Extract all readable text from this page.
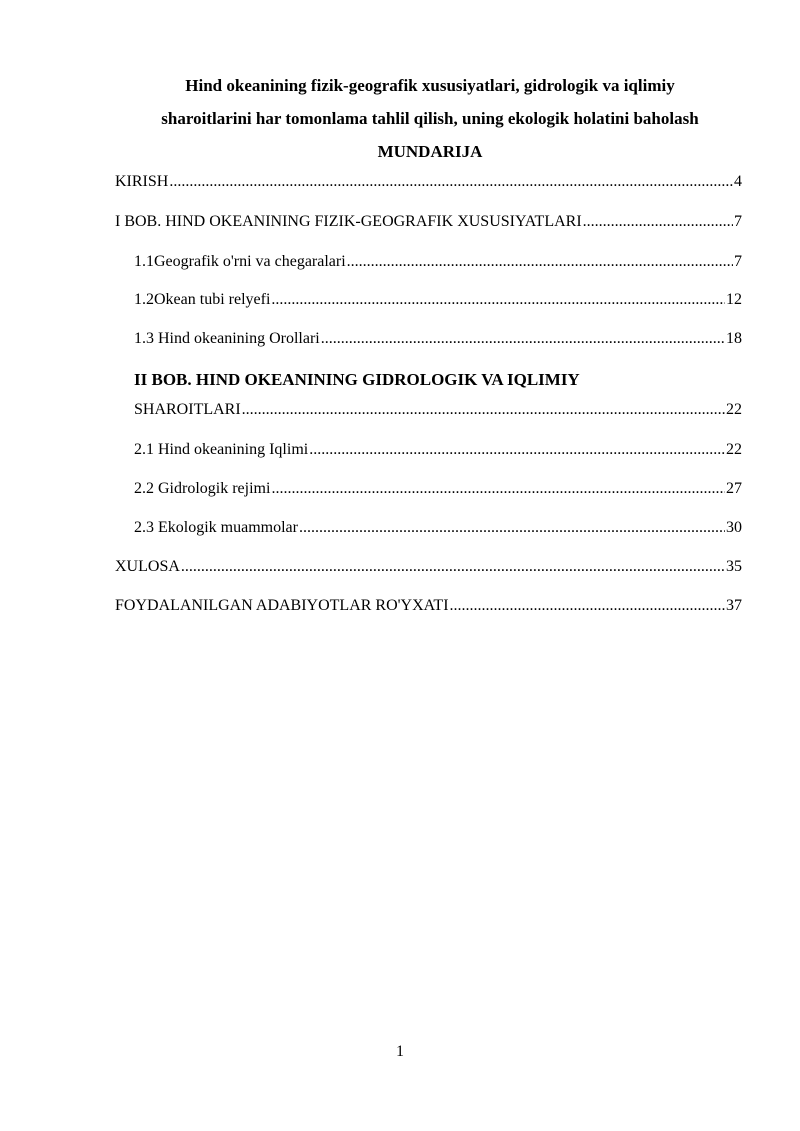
Hind okeanining fizik-geografik xususiyatlari, gidrologik va iqlimiy

sharoitlarini har tomonlama tahlil qilish, uning ekologik holatini baholash

MUNDARIJA

KIRISH .....	4
I BOB. HIND OKEANINING FIZIK-GEOGRAFIK XUSUSIYATLARI .....	7
1.1 Geografik o'rni va chegaralari .....	7
1.2 Okean tubi relyefi .....	12
1.3 Hind okeanining Orollari .....	18
II BOB. HIND OKEANINING GIDROLOGIK VA IQLIMIY
SHAROITLARI .....	22
2.1 Hind okeanining Iqlimi .....	22
2.2 Gidrologik rejimi .....	27
2.3 Ekologik muammolar .....	30
XULOSA .....	35
FOYDALANILGAN ADABIYOTLAR RO'YXATI .....	37
1
